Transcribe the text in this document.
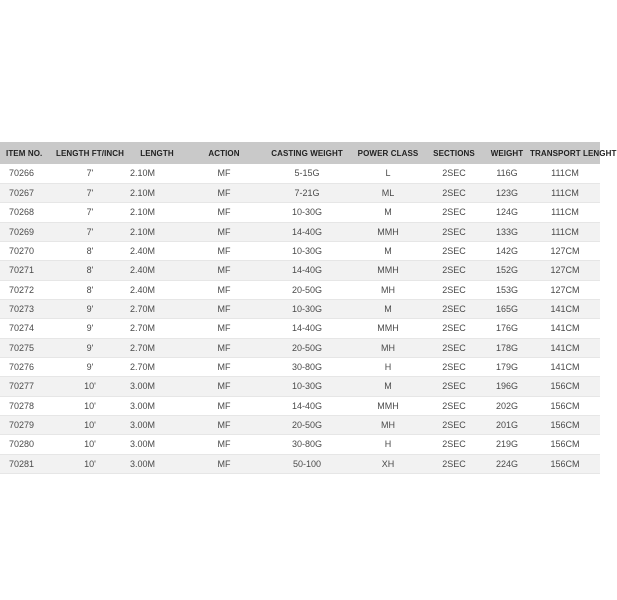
ITEM NO.	LENGTH FT/INCH	LENGTH	ACTION	CASTING WEIGHT	POWER CLASS	SECTIONS	WEIGHT	TRANSPORT LENGHT
70266	7'	2.10M	MF	5-15G	L	2SEC	116G	111CM
70267	7'	2.10M	MF	7-21G	ML	2SEC	123G	111CM
70268	7'	2.10M	MF	10-30G	M	2SEC	124G	111CM
70269	7'	2.10M	MF	14-40G	MMH	2SEC	133G	111CM
70270	8'	2.40M	MF	10-30G	M	2SEC	142G	127CM
70271	8'	2.40M	MF	14-40G	MMH	2SEC	152G	127CM
70272	8'	2.40M	MF	20-50G	MH	2SEC	153G	127CM
70273	9'	2.70M	MF	10-30G	M	2SEC	165G	141CM
70274	9'	2.70M	MF	14-40G	MMH	2SEC	176G	141CM
70275	9'	2.70M	MF	20-50G	MH	2SEC	178G	141CM
70276	9'	2.70M	MF	30-80G	H	2SEC	179G	141CM
70277	10'	3.00M	MF	10-30G	M	2SEC	196G	156CM
70278	10'	3.00M	MF	14-40G	MMH	2SEC	202G	156CM
70279	10'	3.00M	MF	20-50G	MH	2SEC	201G	156CM
70280	10'	3.00M	MF	30-80G	H	2SEC	219G	156CM
70281	10'	3.00M	MF	50-100	XH	2SEC	224G	156CM
